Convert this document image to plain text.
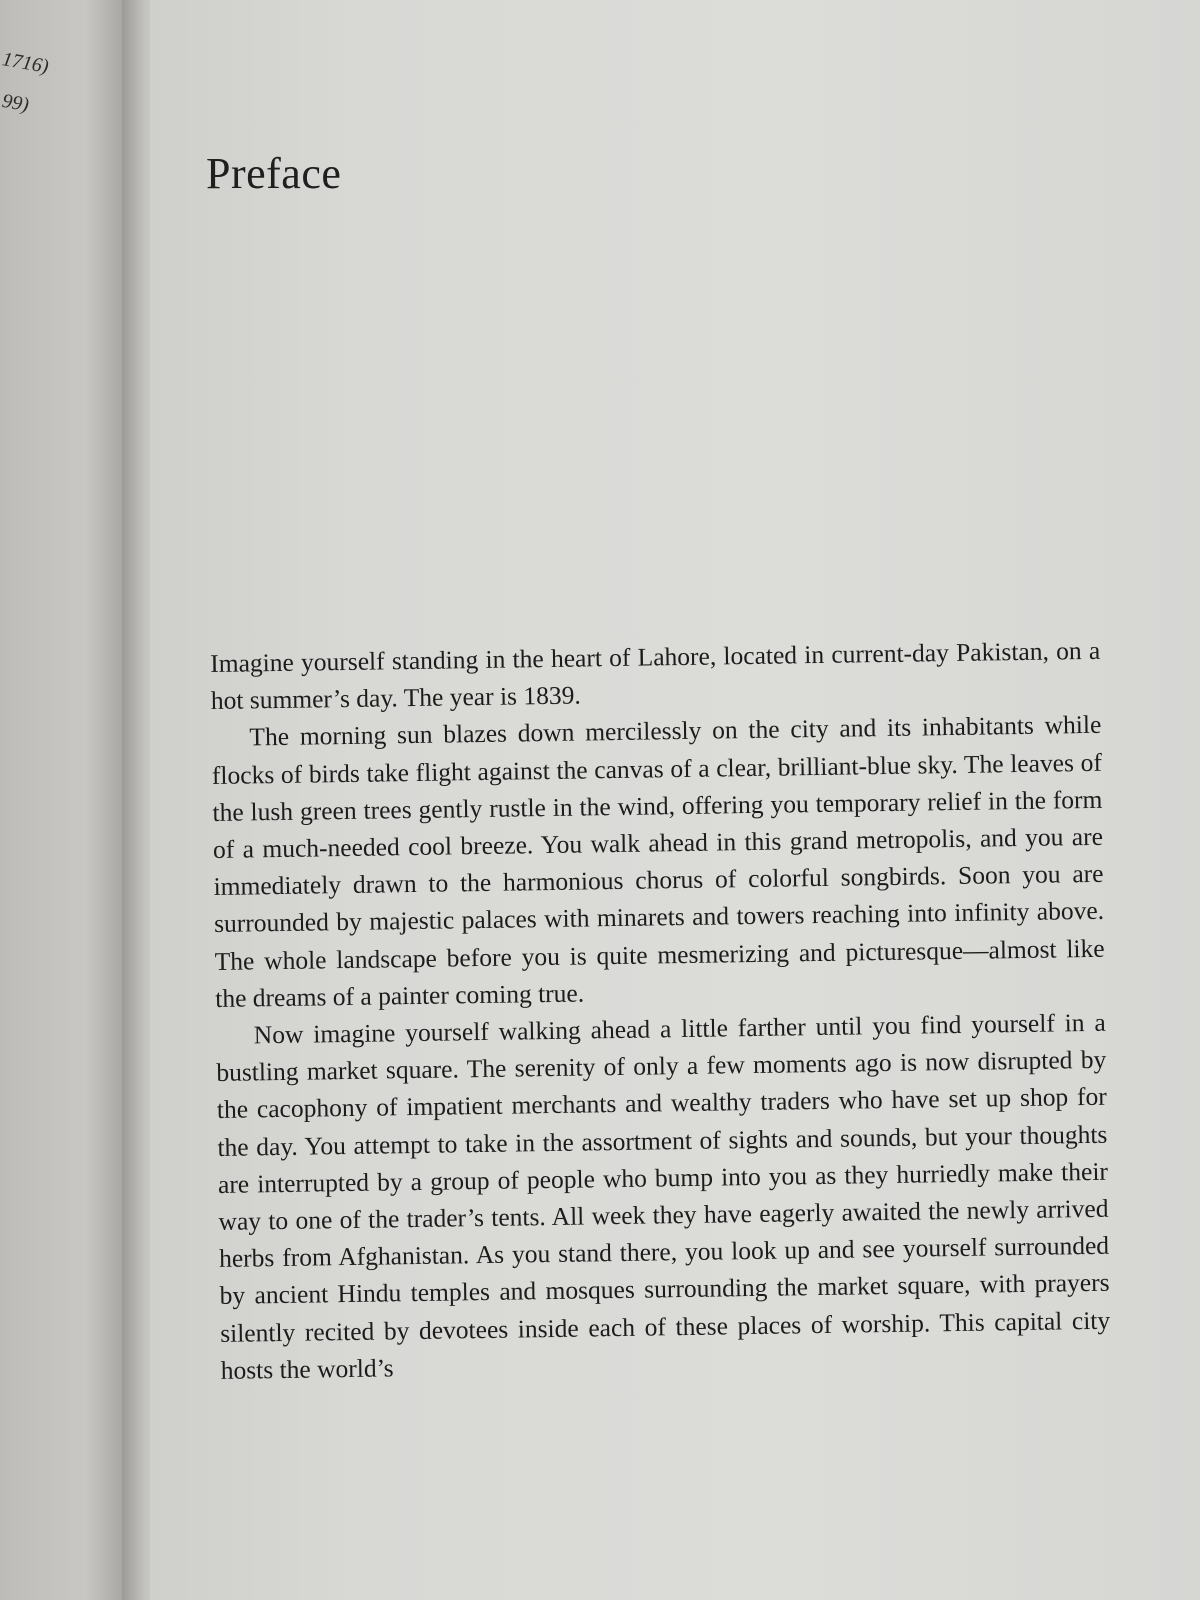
1716)
99)
Preface

Imagine yourself standing in the heart of Lahore, located in current-day Pakistan, on a hot summer’s day. The year is 1839.

The morning sun blazes down mercilessly on the city and its inhabitants while flocks of birds take flight against the canvas of a clear, brilliant-blue sky. The leaves of the lush green trees gently rustle in the wind, offering you temporary relief in the form of a much-needed cool breeze. You walk ahead in this grand metropolis, and you are immediately drawn to the harmonious chorus of colorful songbirds. Soon you are surrounded by majestic palaces with minarets and towers reaching into infinity above. The whole landscape before you is quite mesmerizing and picturesque—almost like the dreams of a painter coming true.

Now imagine yourself walking ahead a little farther until you find yourself in a bustling market square. The serenity of only a few moments ago is now disrupted by the cacophony of impatient merchants and wealthy traders who have set up shop for the day. You attempt to take in the assortment of sights and sounds, but your thoughts are interrupted by a group of people who bump into you as they hurriedly make their way to one of the trader’s tents. All week they have eagerly awaited the newly arrived herbs from Afghanistan. As you stand there, you look up and see yourself surrounded by ancient Hindu temples and mosques surrounding the market square, with prayers silently recited by devotees inside each of these places of worship. This capital city hosts the world’s
